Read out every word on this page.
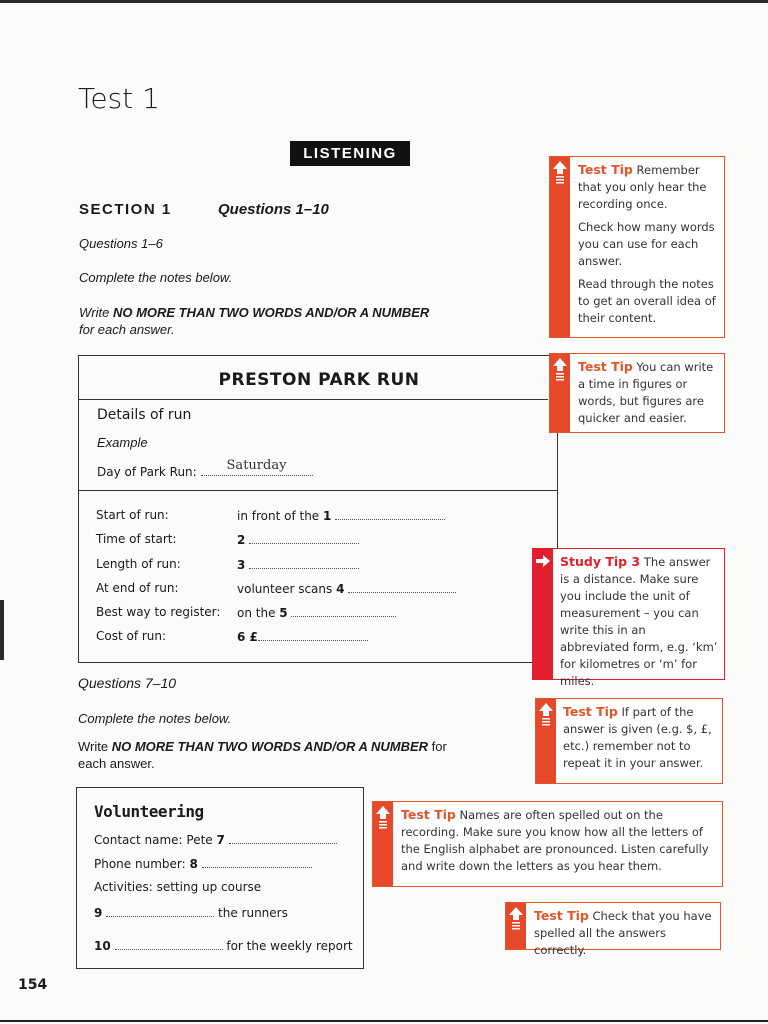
Test 1
LISTENING
SECTION 1	Questions 1–10
Questions 1–6
Complete the notes below.
Write NO MORE THAN TWO WORDS AND/OR A NUMBER
for each answer.
PRESTON PARK RUN
Details of run
Example
Day of Park Run: Saturday
Start of run:	in front of the 1
Time of start:	2
Length of run:	3
At end of run:	volunteer scans 4
Best way to register: on the 5
Cost of run:	6 £
Questions 7–10
Complete the notes below.
Write NO MORE THAN TWO WORDS AND/OR A NUMBER for
each answer.
Volunteering
Contact name: Pete 7
Phone number: 8
Activities: setting up course
9	the runners
10	for the weekly report
Test Tip Remember that you only hear the recording once.
Check how many words you can use for each answer.
Read through the notes to get an overall idea of their content.
Test Tip You can write a time in figures or words, but figures are quicker and easier.
Study Tip 3 The answer is a distance. Make sure you include the unit of measurement – you can write this in an abbreviated form, e.g. ‘km’ for kilometres or ‘m’ for miles.
Test Tip If part of the answer is given (e.g. $, £, etc.) remember not to repeat it in your answer.
Test Tip Names are often spelled out on the recording. Make sure you know how all the letters of the English alphabet are pronounced. Listen carefully and write down the letters as you hear them.
Test Tip Check that you have spelled all the answers correctly.
154
